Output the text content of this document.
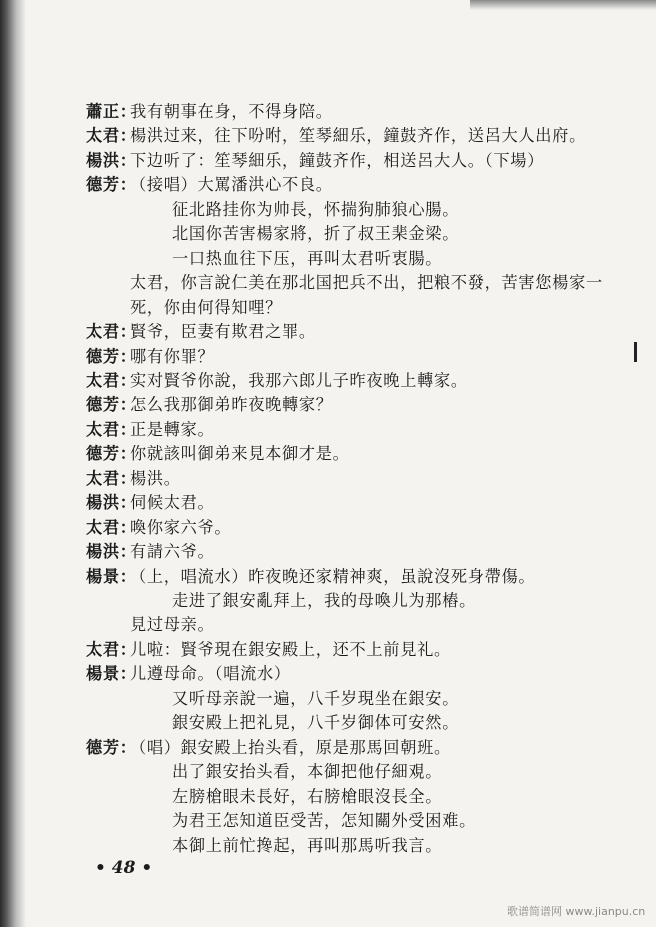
蕭正：
我有朝事在身，不得身陪。
太君：
楊洪过来，往下吩咐，笙琴細乐，鐘鼓齐作，送呂大人出府。
楊洪：
下边听了：笙琴細乐，鐘鼓齐作，相送呂大人。（下場）
德芳：
（接唱）大罵潘洪心不良。
征北路挂你为帅長，怀揣狗肺狼心腸。
北国你苦害楊家將，折了叔王棐金梁。
一口热血往下压，再叫太君听衷腸。
太君，你言說仁美在那北国把兵不出，把粮不發，苦害您楊家一
死，你由何得知哩？
太君：
賢爷，臣妻有欺君之罪。
德芳：
哪有你罪？
太君：
实对賢爷你說，我那六郎儿子昨夜晚上轉家。
德芳：
怎么我那御弟昨夜晚轉家？
太君：
正是轉家。
德芳：
你就該叫御弟来見本御才是。
太君：
楊洪。
楊洪：
伺候太君。
太君：
喚你家六爷。
楊洪：
有請六爷。
楊景：
（上，唱流水）昨夜晚还家精神爽，虽說沒死身帶傷。
走进了銀安亂拜上，我的母喚儿为那樁。
見过母亲。
太君：
儿啦：賢爷現在銀安殿上，还不上前見礼。
楊景：
儿遵母命。（唱流水）
又听母亲說一遍，八千岁現坐在銀安。
銀安殿上把礼見，八千岁御体可安然。
德芳：
（唱）銀安殿上抬头看，原是那馬回朝班。
出了銀安抬头看，本御把他仔細覌。
左膀槍眼未長好，右膀槍眼沒長全。
为君王怎知道臣受苦，怎知關外受困难。
本御上前忙搀起，再叫那馬听我言。
• 48 •
歌谱简谱网 www.jianpu.cn
